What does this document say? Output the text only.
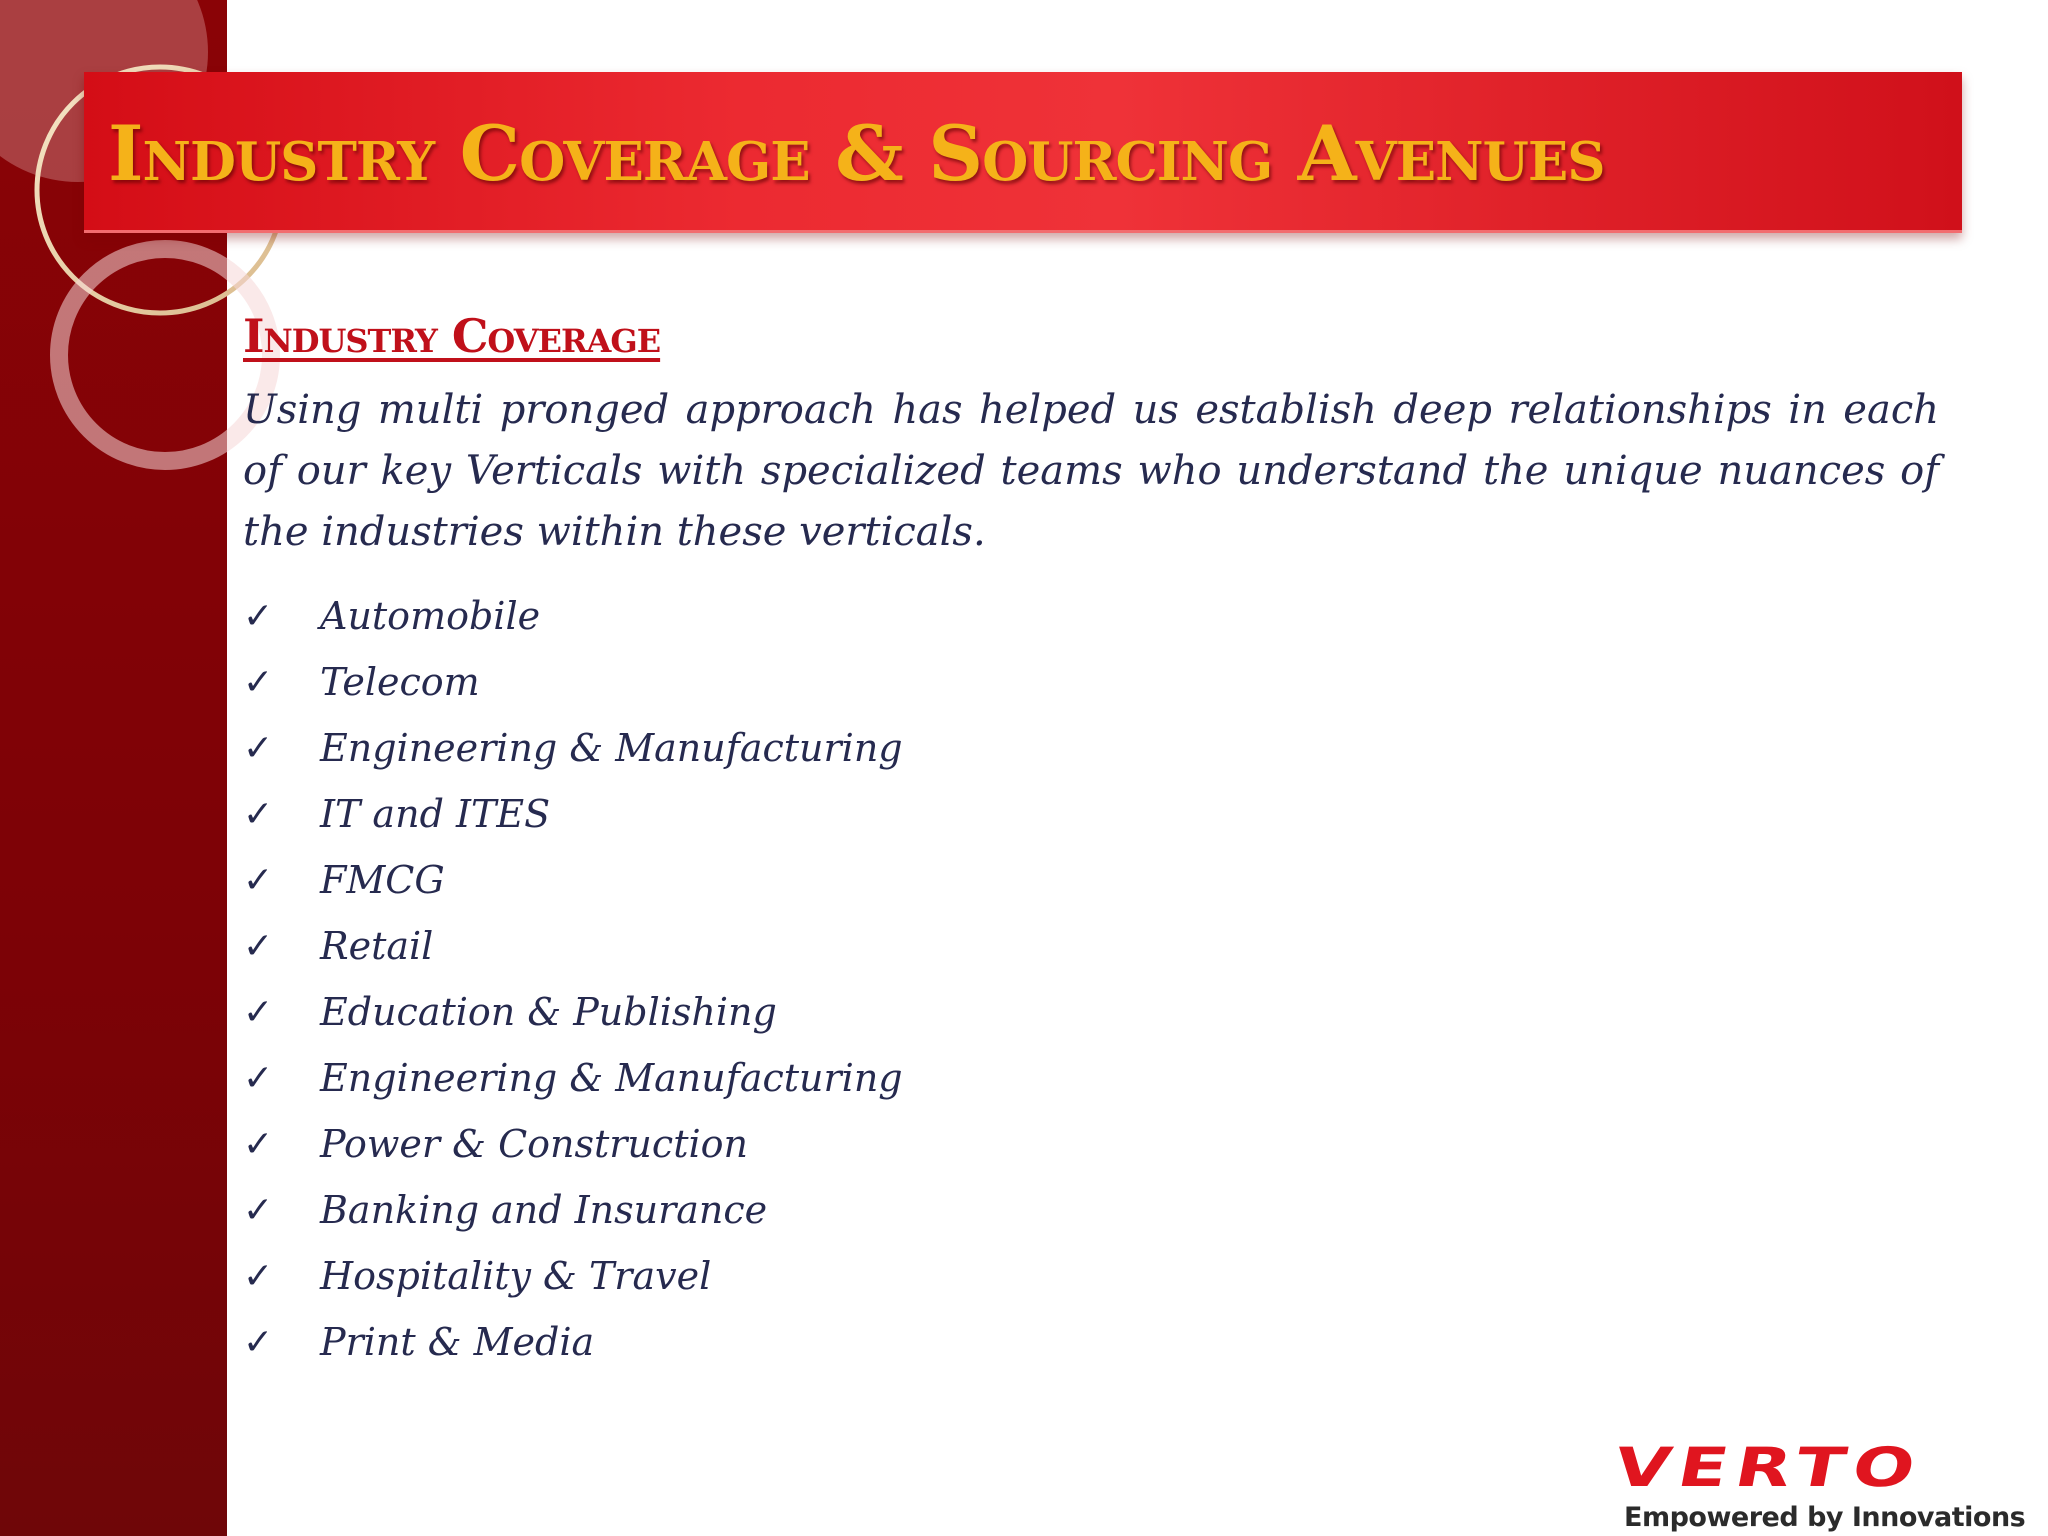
Industry Coverage & Sourcing Avenues
Industry Coverage

Using multi pronged approach has helped us establish deep relationships in each of our key Verticals with specialized teams who understand the unique nuances of the industries within these verticals.

✓	Automobile
✓	Telecom
✓	Engineering & Manufacturing
✓	IT and ITES
✓	FMCG
✓	Retail
✓	Education & Publishing
✓	Engineering & Manufacturing
✓	Power & Construction
✓	Banking and Insurance
✓	Hospitality & Travel
✓	Print & Media
VERTO
Empowered by Innovations
